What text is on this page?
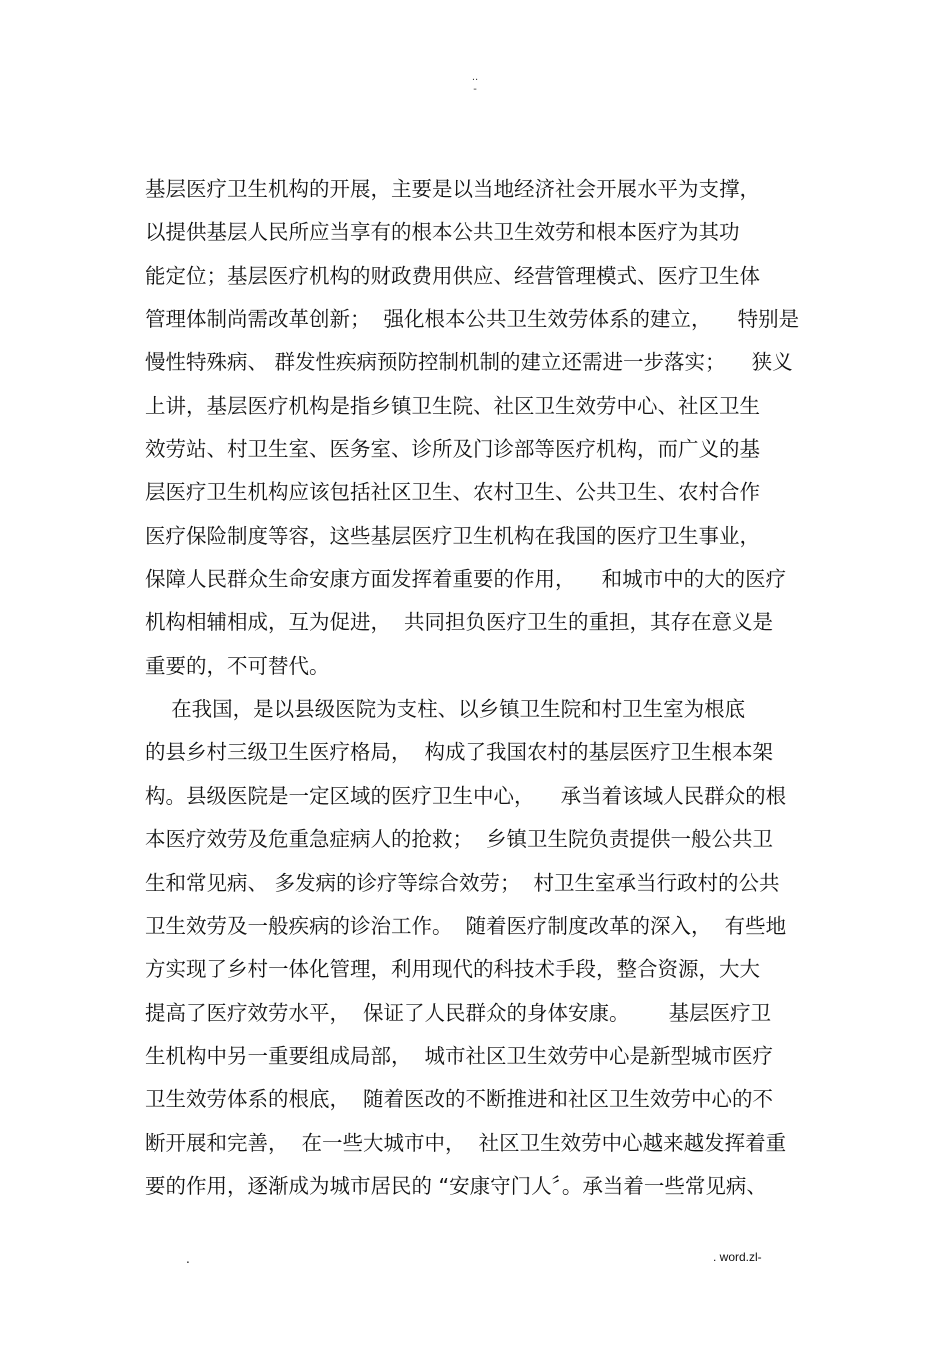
..
-
基层医疗卫生机构的开展，主要是以当地经济社会开展水平为支撑，
以提供基层人民所应当享有的根本公共卫生效劳和根本医疗为其功
能定位；基层医疗机构的财政费用供应、经营管理模式、医疗卫生体
管理体制尚需改革创新；  强化根本公共卫生效劳体系的建立，    特别是
慢性特殊病、 群发性疾病预防控制机制的建立还需进一步落实；    狭义
上讲，基层医疗机构是指乡镇卫生院、社区卫生效劳中心、社区卫生
效劳站、村卫生室、医务室、诊所及门诊部等医疗机构，而广义的基
层医疗卫生机构应该包括社区卫生、农村卫生、公共卫生、农村合作
医疗保险制度等容，这些基层医疗卫生机构在我国的医疗卫生事业，
保障人民群众生命安康方面发挥着重要的作用，    和城市中的大的医疗
机构相辅相成，互为促进，  共同担负医疗卫生的重担，其存在意义是
重要的，不可替代。
在我国，是以县级医院为支柱、以乡镇卫生院和村卫生室为根底
的县乡村三级卫生医疗格局，  构成了我国农村的基层医疗卫生根本架
构。县级医院是一定区域的医疗卫生中心，    承当着该域人民群众的根
本医疗效劳及危重急症病人的抢救；  乡镇卫生院负责提供一般公共卫
生和常见病、 多发病的诊疗等综合效劳；  村卫生室承当行政村的公共
卫生效劳及一般疾病的诊治工作。  随着医疗制度改革的深入，  有些地
方实现了乡村一体化管理，利用现代的科技术手段，整合资源，大大
提高了医疗效劳水平，  保证了人民群众的身体安康。      基层医疗卫
生机构中另一重要组成局部，  城市社区卫生效劳中心是新型城市医疗
卫生效劳体系的根底，  随着医改的不断推进和社区卫生效劳中心的不
断开展和完善，  在一些大城市中，  社区卫生效劳中心越来越发挥着重
要的作用，逐渐成为城市居民的 “安康守门人〞。承当着一些常见病、
.	. word.zl-
